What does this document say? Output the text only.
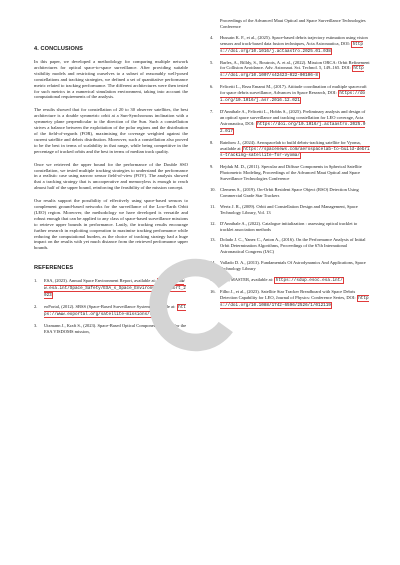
4. CONCLUSIONS

In this paper, we developed a methodology for comparing multiple network architectures for optical space-to-space surveillance. After providing suitable visibility models and restricting ourselves to a subset of reasonably well-posed constellations and tracking strategies, we defined a set of quantitative performance metric related to tracking performance. The different architectures were then tested for such metrics in a numerical simulation environment, taking into account the computational requirements of the analysis.

The results showed that for constellation of 20 to 30 observer satellites, the best architecture is a double symmetric orbit at a Sun-Synchronous inclination with a symmetry plane perpendicular to the direction of the Sun. Such a constellation strives a balance between the exploitation of the polar regions and the distribution of the field-of-regards (FOR), maximising the coverage weighted against the current satellite and debris distribution. Moreover, such a constellation also proved to be the best in terms of scalability in that range, while being competitive in the percentage of tracked orbits and the best in terms of median track quality.

Once we retrieved the upper bound for the performance of the Double SSO constellation, we tested multiple tracking strategies to understand the performance in a realistic case using narrow sensor field-of-view (FOV). The analysis showed that a tracking strategy that is uncooperative and memoryless is enough to reach almost half of the upper bound, reinforcing the feasibility of the mission concept.

Our results support the possibility of effectively using space-based sensors to complement ground-based networks for the surveillance of the Low-Earth Orbit (LEO) region. Moreover, the methodology we have developed is versatile and robust enough that can be applied to any class of space-based surveillance missions to retrieve upper bounds in performance. Lastly, the tracking results encourage further research in exploiting cooperation to maximise tracking performance while reducing the computational burden, as the choice of tracking strategy had a huge impact on the results with yet much distance from the retrieved performance upper bounds.

REFERENCES
1. ESA, (2023). Annual Space Environment Report, available at: https://www.esa.int/Space_Safety/ESA_s_Space_Environment_Report_2023
2. eoPortal, (2012). SBSS (Space-Based Surveillance System), available at: https://www.eoportal.org/satellite-missions/sbss
3. Utzmann J., Kraft S., (2023). Space-Based Optical Component (SBOC) for the ESA VISDOMS mission,
Proceedings of the Advanced Maui Optical and Space Surveillance Technologies Conference
4. Hussain K. F., et al., (2025). Space-based debris trajectory estimation using vision sensors and track-based data fusion techniques, Acta Astronautica, DOI: https://doi.org/10.1016/j.actaastro.2025.01.038
5. Barles, A., Billdy, S., Boutrois, A. et al., (2022). Mission ORCA: Orbit Refinement for Collision Avoidance. Adv. Astronaut. Sci. Technol. 5, 149–165. DOI: https://doi.org/10.1007/s42423-022-00106-8
6. Felicetti L., Reza Emami M., (2017). Attitude coordination of multiple spacecraft for space debris surveillance, Advances in Space Research, DOI: https://doi.org/10.1016/j.asr.2016.12.021
7. D'Annibale A., Felicetti L., Hobbs S., (2025). Preliminary analysis and design of an optical space surveillance and tracking constellation for LEO coverage, Acta Astronautica, DOI: https://doi.org/10.1016/j.actaastro.2025.02.017
8. Rainbow J., (2024). Aerospacelab to build debris-tracking satellite for Vyoma, available at https://spacenews.com/aerospacelab-to-build-debris-tracking-satellite-for-vyoma/
9. Hejduk M. D., (2011). Specular and Diffuse Components in Spherical Satellite Photometric Modeling, Proceedings of the Advanced Maui Optical and Space Surveillance Technologies Conference
10. Clemens S., (2019). On-Orbit Resident Space Object (RSO) Detection Using Commercial Grade Star Trackers
11. Wertz J. R., (2009). Orbit and Constellation Design and Management, Space Technology Library, Vol. 13
12. D'Annibale A., (2022). Catalogue initialization : assessing optical tracklet to tracklet association methods
13. Dolado J. C., Yanez C., Anton A., (2016). On the Performance Analysis of Initial Orbit Determination Algorithms, Proceedings of the 67th International Astronautical Congress (IAC)
14. Vallado D. A., (2013). Fundamentals Of Astrodynamics And Applications, Space Technology Library
15. ESA, MASTER, available at: https://sdup.esoc.esa.int/
16. Filho J., et al., (2023). Satellite Star Tracker Breadboard with Space Debris Detection Capability for LEO, Journal of Physics: Conference Series, DOI: https://doi.org/10.1088/1742-6596/2526/1/012119
